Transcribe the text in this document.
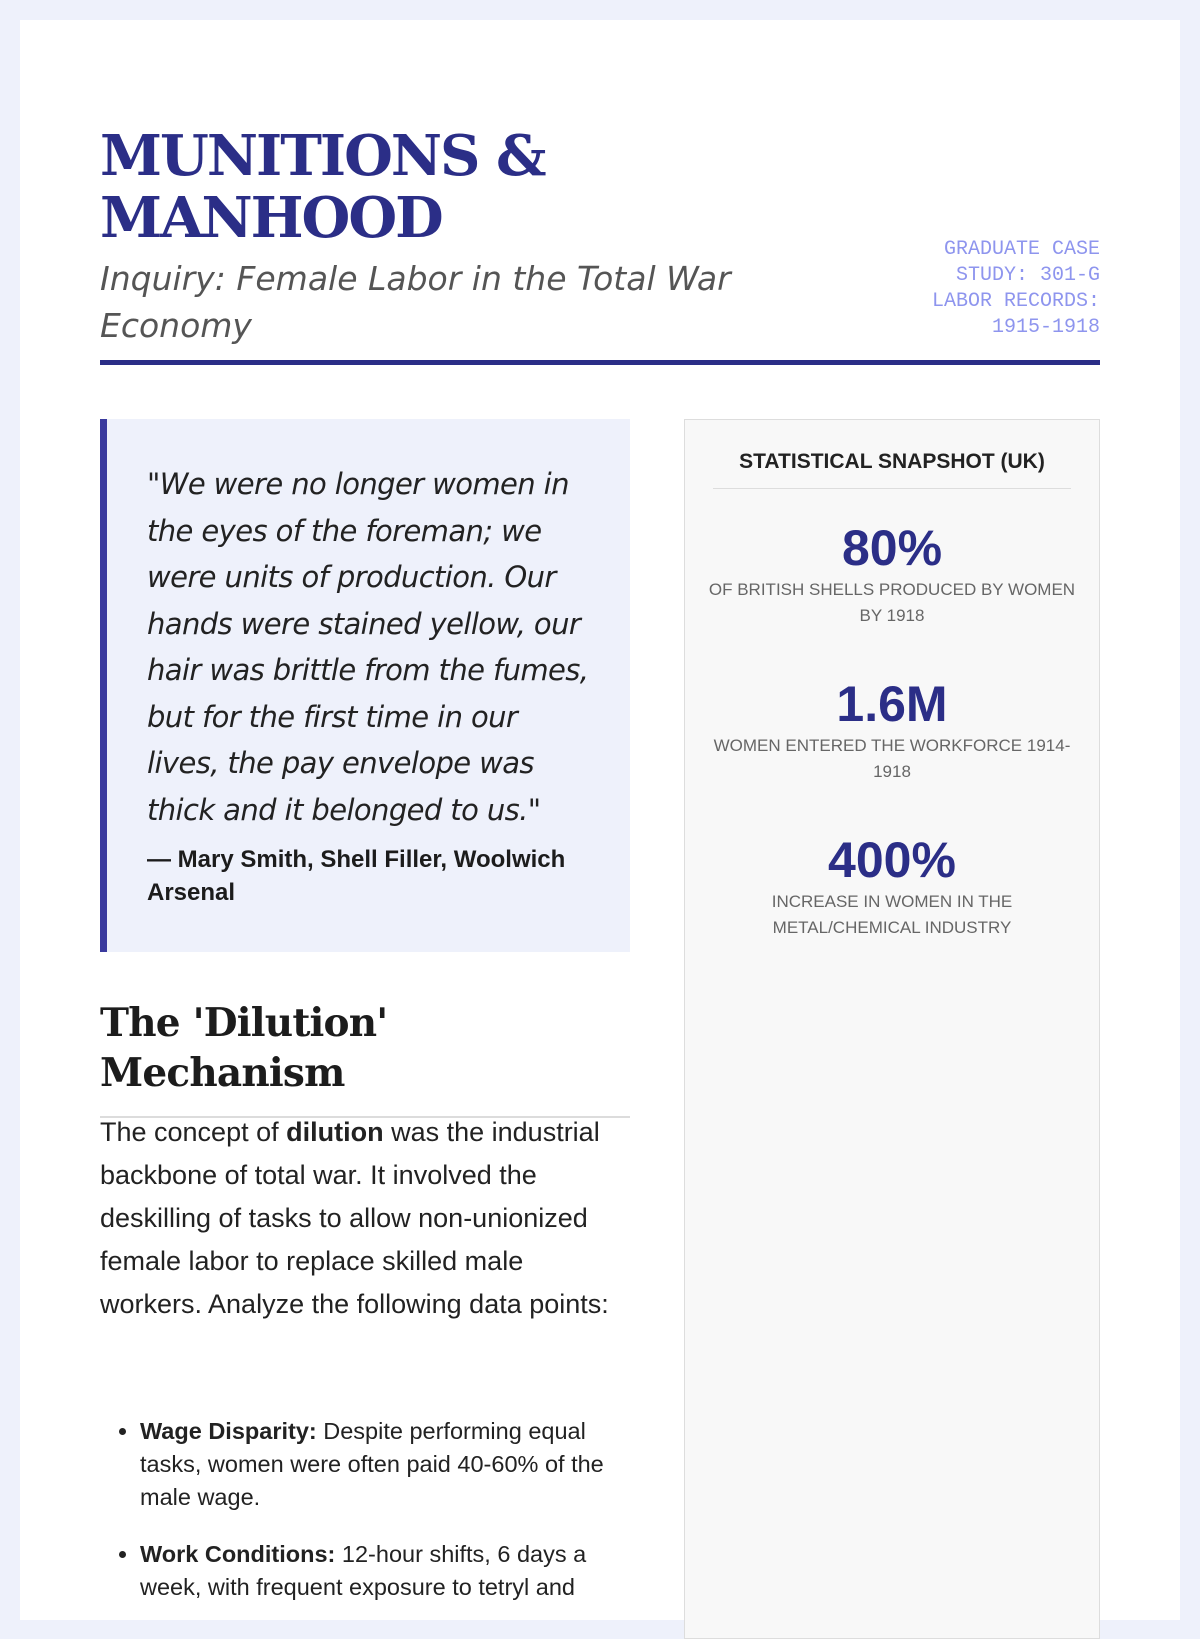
MUNITIONS & MANHOOD

Inquiry: Female Labor in the Total War Economy

GRADUATE CASE STUDY: 301-G
LABOR RECORDS: 1915-1918

"We were no longer women in the eyes of the foreman; we were units of production. Our hands were stained yellow, our hair was brittle from the fumes, but for the first time in our lives, the pay envelope was thick and it belonged to us."

— Mary Smith, Shell Filler, Woolwich Arsenal
The 'Dilution' Mechanism

The concept of dilution was the industrial backbone of total war. It involved the deskilling of tasks to allow non-unionized female labor to replace skilled male workers. Analyze the following data points:

• Wage Disparity: Despite performing equal tasks, women were often paid 40-60% of the male wage.
• Work Conditions: 12-hour shifts, 6 days a week, with frequent exposure to tetryl and
STATISTICAL SNAPSHOT (UK)
80%
OF BRITISH SHELLS PRODUCED BY WOMEN BY 1918
1.6M
WOMEN ENTERED THE WORKFORCE 1914-1918
400%
INCREASE IN WOMEN IN THE METAL/CHEMICAL INDUSTRY
